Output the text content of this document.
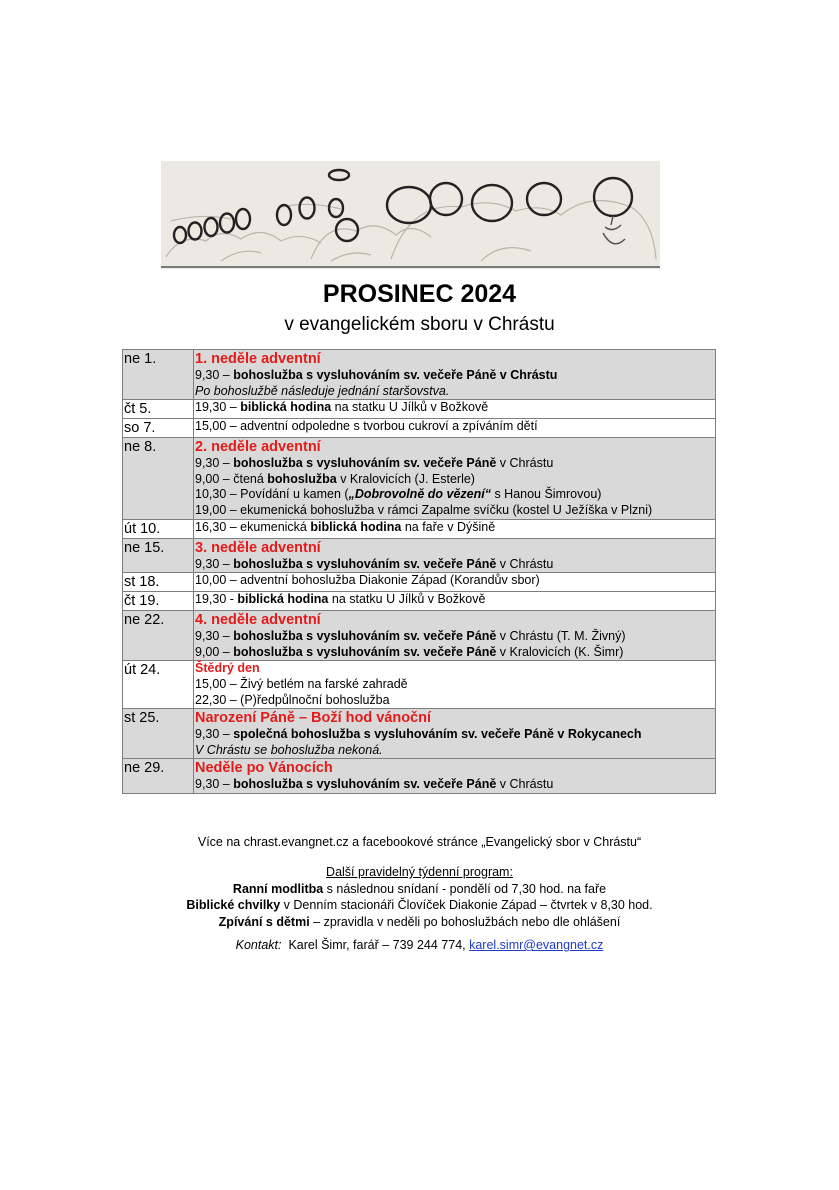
PROSINEC 2024

v evangelickém sboru v Chrástu

ne 1.	1. neděle adventní
9,30 – bohoslužba s vysluhováním sv. večeře Páně v Chrástu
Po bohoslužbě následuje jednání staršovstva.

čt 5.	19,30 – biblická hodina na statku U Jílků v Božkově

so 7.	15,00 – adventní odpoledne s tvorbou cukroví a zpíváním dětí

ne 8.	2. neděle adventní
9,30 – bohoslužba s vysluhováním sv. večeře Páně v Chrástu
9,00 – čtená bohoslužba v Kralovicích (J. Esterle)
10,30 – Povídání u kamen („Dobrovolně do vězení“ s Hanou Šimrovou)
19,00 – ekumenická bohoslužba v rámci Zapalme svíčku (kostel U Ježíška v Plzni)

út 10.	16,30 – ekumenická biblická hodina na faře v Dýšině

ne 15.	3. neděle adventní
9,30 – bohoslužba s vysluhováním sv. večeře Páně v Chrástu

st 18.	10,00 – adventní bohoslužba Diakonie Západ (Korandův sbor)

čt 19.	19,30 - biblická hodina na statku U Jílků v Božkově

ne 22.	4. neděle adventní
9,30 – bohoslužba s vysluhováním sv. večeře Páně v Chrástu (T. M. Živný)
9,00 – bohoslužba s vysluhováním sv. večeře Páně v Kralovicích (K. Šimr)

út 24.	Štědrý den
15,00 – Živý betlém na farské zahradě
22,30 – (P)ředpůlnoční bohoslužba

st 25.	Narození Páně – Boží hod vánoční
9,30 – společná bohoslužba s vysluhováním sv. večeře Páně v Rokycanech
V Chrástu se bohoslužba nekoná.

ne 29.	Neděle po Vánocích
9,30 – bohoslužba s vysluhováním sv. večeře Páně v Chrástu

Více na chrast.evangnet.cz a facebookové stránce „Evangelický sbor v Chrástu“

Další pravidelný týdenní program:
Ranní modlitba s následnou snídaní - pondělí od 7,30 hod. na faře
Biblické chvilky v Denním stacionáři Človíček Diakonie Západ – čtvrtek v 8,30 hod.
Zpívání s dětmi – zpravidla v neděli po bohoslužbách nebo dle ohlášení

Kontakt:  Karel Šimr, farář – 739 244 774, karel.simr@evangnet.cz
